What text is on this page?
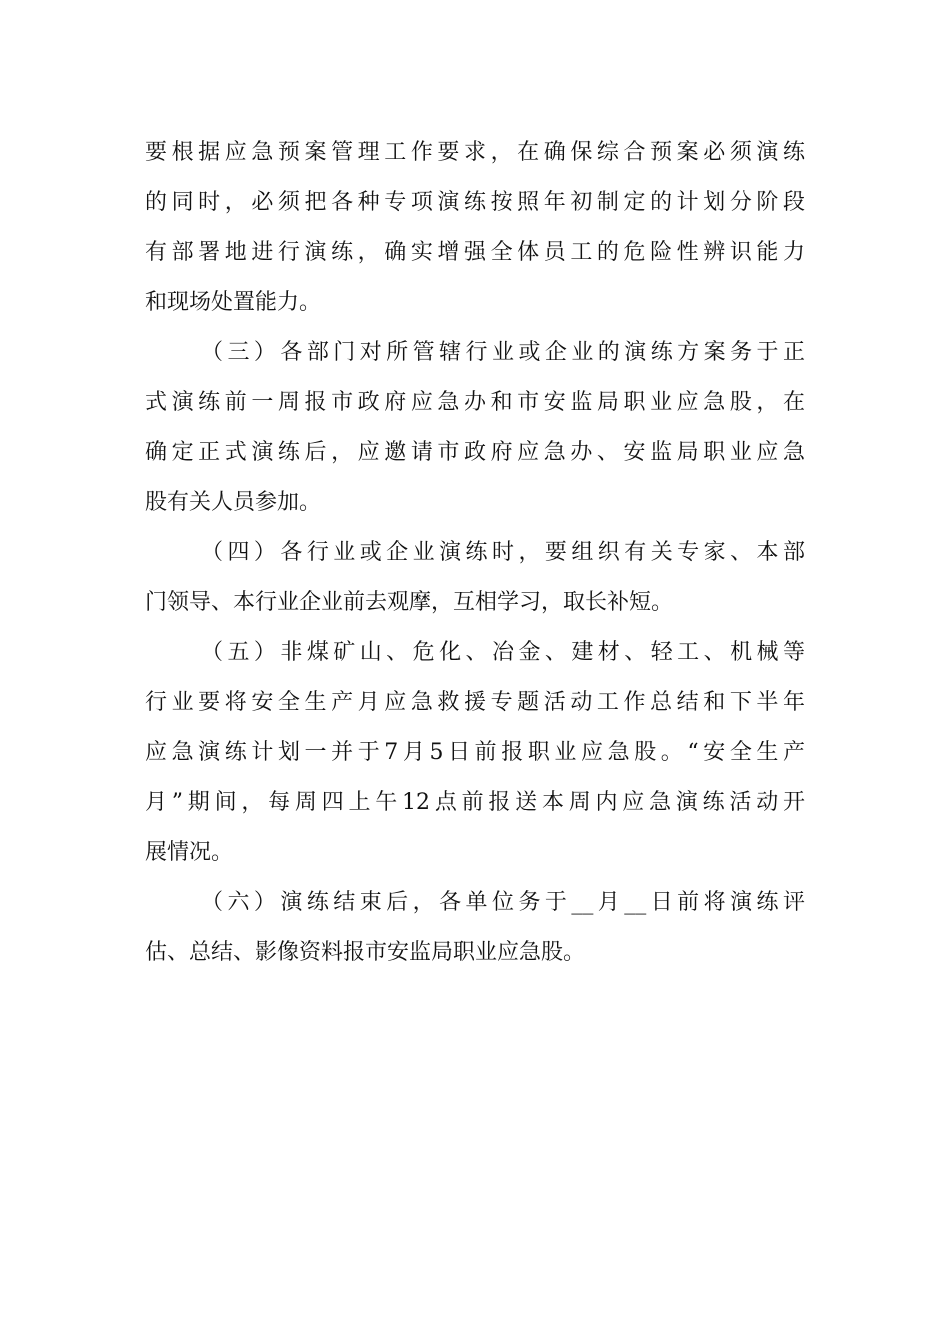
要根据应急预案管理工作要求，在确保综合预案必须演练
的同时，必须把各种专项演练按照年初制定的计划分阶段
有部署地进行演练，确实增强全体员工的危险性辨识能力
和现场处置能力。
（三）各部门对所管辖行业或企业的演练方案务于正
式演练前一周报市政府应急办和市安监局职业应急股，在
确定正式演练后，应邀请市政府应急办、安监局职业应急
股有关人员参加。
（四）各行业或企业演练时，要组织有关专家、本部
门领导、本行业企业前去观摩，互相学习，取长补短。
（五）非煤矿山、危化、冶金、建材、轻工、机械等
行业要将安全生产月应急救援专题活动工作总结和下半年
应急演练计划一并于7月5日前报职业应急股。“安全生产
月”期间，每周四上午12点前报送本周内应急演练活动开
展情况。
（六）演练结束后，各单位务于__月__日前将演练评
估、总结、影像资料报市安监局职业应急股。
